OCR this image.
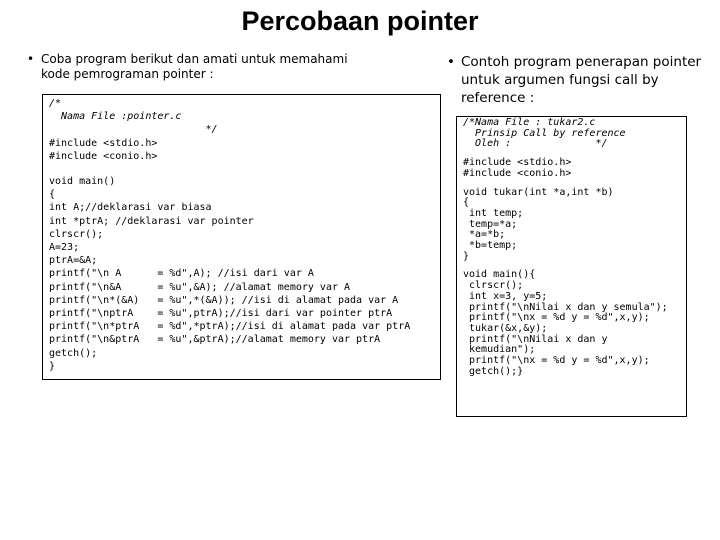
Percobaan pointer
• Coba program berikut dan amati untuk memahami kode pemrograman pointer :
• Contoh program penerapan pointer untuk argumen fungsi call by reference :
/*
Nama File :pointer.c
*/
#include <stdio.h>
#include <conio.h>
void main()
{
int A;//deklarasi var biasa
int *ptrA; //deklarasi var pointer
clrscr();
A=23;
ptrA=&A;
printf("\n A      = %d",A); //isi dari var A
printf("\n&A      = %u",&A); //alamat memory var A
printf("\n*(&A)   = %u",*(&A)); //isi di alamat pada var A
printf("\nptrA    = %u",ptrA);//isi dari var pointer ptrA
printf("\n*ptrA   = %d",*ptrA);//isi di alamat pada var ptrA
printf("\n&ptrA   = %u",&ptrA);//alamat memory var ptrA
getch();
}
/*Nama File : tukar2.c
Prinsip Call by reference
Oleh :              */
#include <stdio.h>
#include <conio.h>
void tukar(int *a,int *b)
{
int temp;
temp=*a;
*a=*b;
*b=temp;
}
void main(){
clrscr();
int x=3, y=5;
printf("\nNilai x dan y semula");
printf("\nx = %d y = %d",x,y);
tukar(&x,&y);
printf("\nNilai x dan y
kemudian");
printf("\nx = %d y = %d",x,y);
getch();}
